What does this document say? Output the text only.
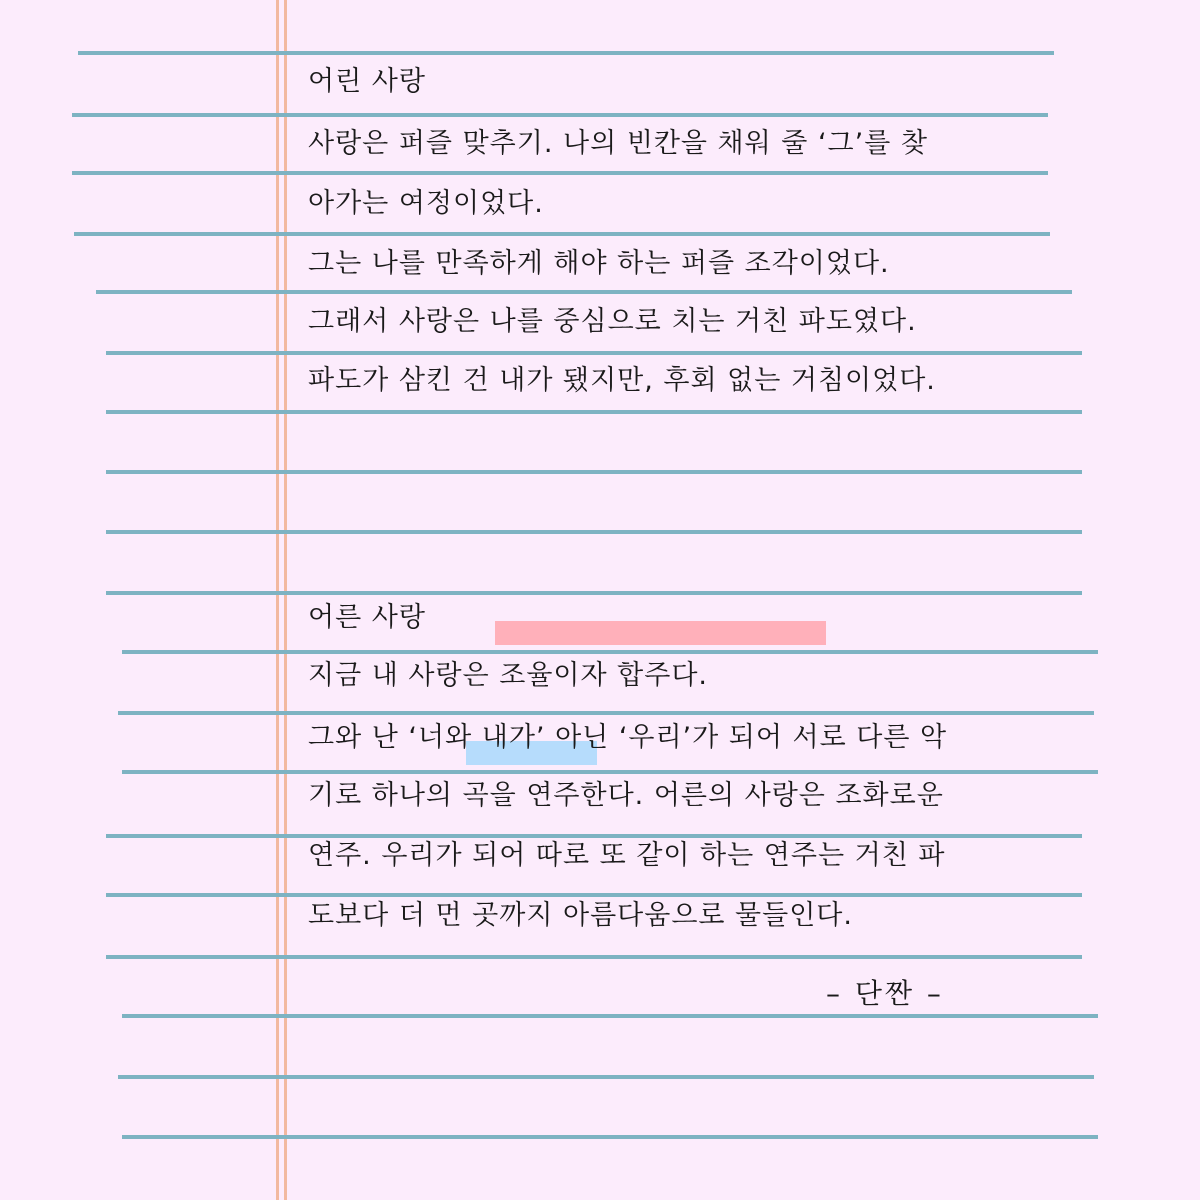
어린 사랑
사랑은 퍼즐 맞추기. 나의 빈칸을 채워 줄 ‘그’를 찾
아가는 여정이었다.
그는 나를 만족하게 해야 하는 퍼즐 조각이었다.
그래서 사랑은 나를 중심으로 치는 거친 파도였다.
파도가 삼킨 건 내가 됐지만, 후회 없는 거침이었다.
어른 사랑
지금 내 사랑은 조율이자 합주다.
그와 난 ‘너와 내가’ 아닌 ‘우리’가 되어 서로 다른 악
기로 하나의 곡을 연주한다. 어른의 사랑은 조화로운
연주. 우리가 되어 따로 또 같이 하는 연주는 거친 파
도보다 더 먼 곳까지 아름다움으로 물들인다.
– 단짠 –
